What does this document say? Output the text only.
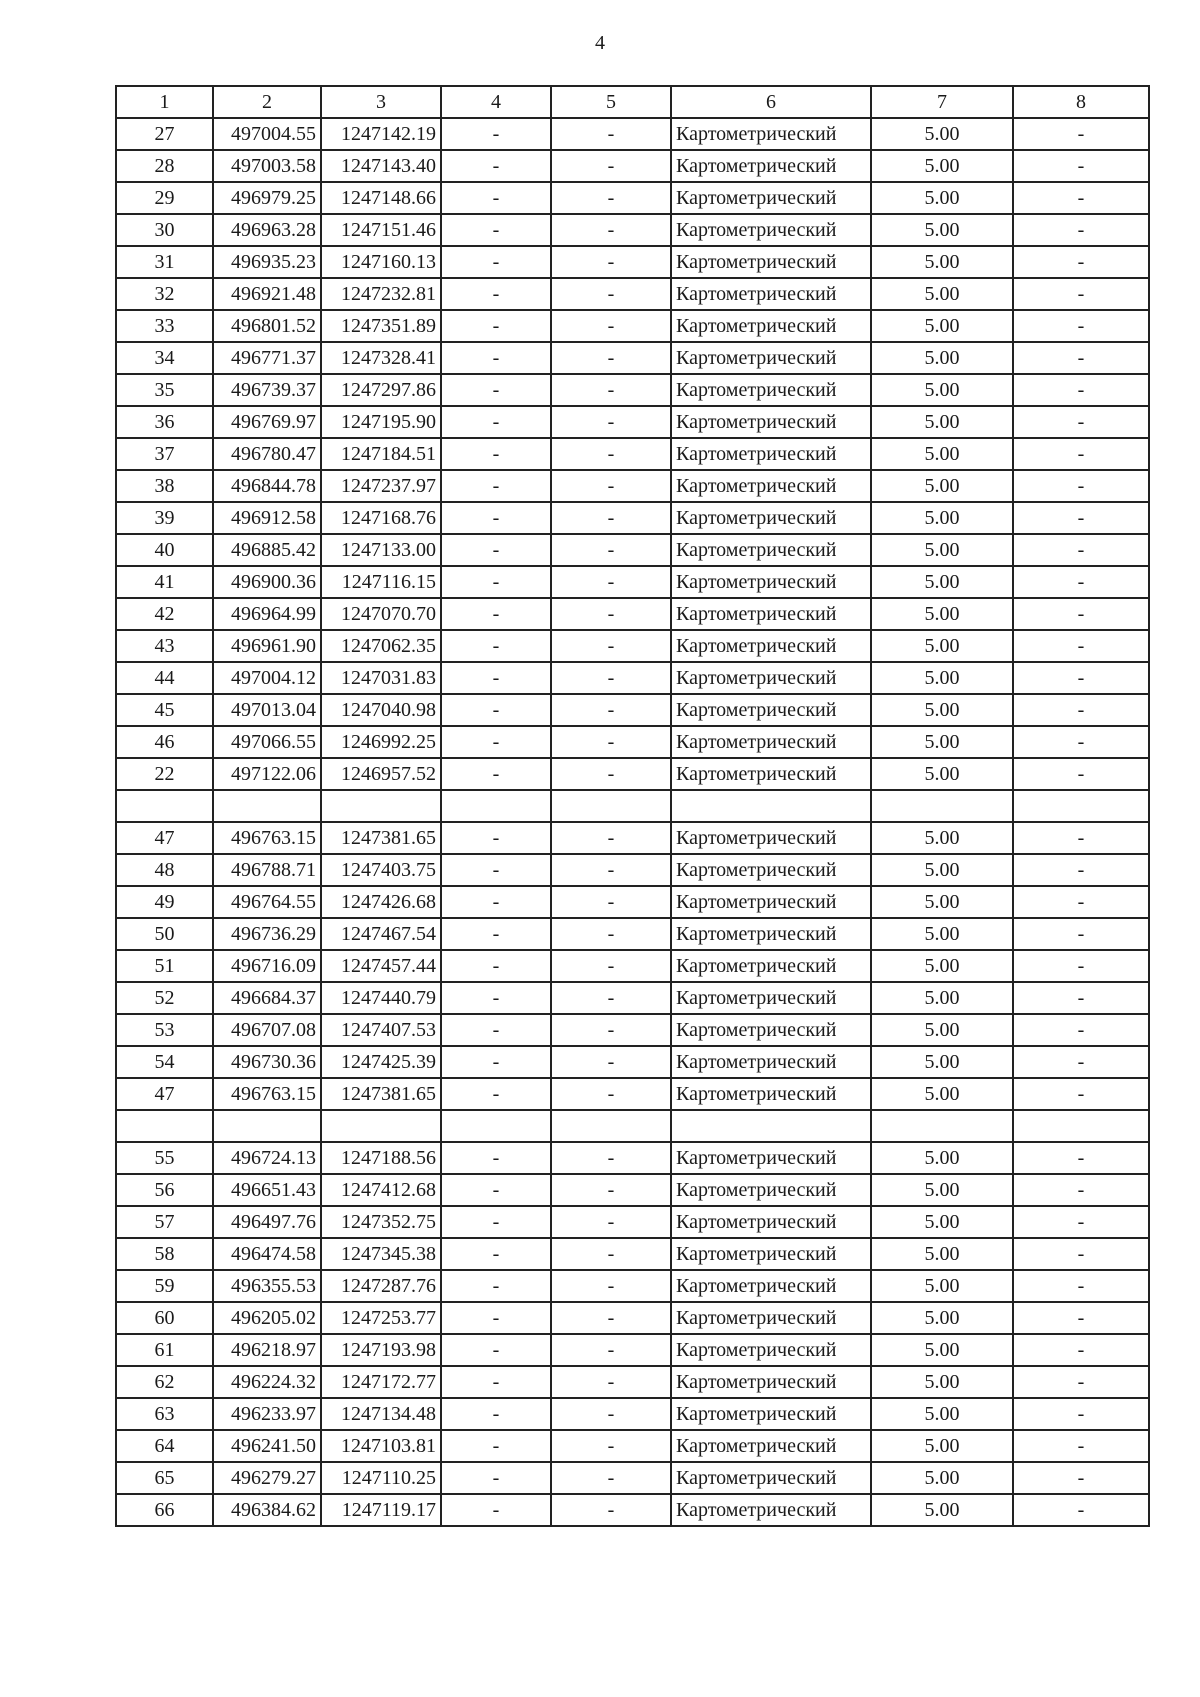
4
1	2	3	4	5	6	7	8
27	497004.55	1247142.19	-	-	Картометрический	5.00	-
28	497003.58	1247143.40	-	-	Картометрический	5.00	-
29	496979.25	1247148.66	-	-	Картометрический	5.00	-
30	496963.28	1247151.46	-	-	Картометрический	5.00	-
31	496935.23	1247160.13	-	-	Картометрический	5.00	-
32	496921.48	1247232.81	-	-	Картометрический	5.00	-
33	496801.52	1247351.89	-	-	Картометрический	5.00	-
34	496771.37	1247328.41	-	-	Картометрический	5.00	-
35	496739.37	1247297.86	-	-	Картометрический	5.00	-
36	496769.97	1247195.90	-	-	Картометрический	5.00	-
37	496780.47	1247184.51	-	-	Картометрический	5.00	-
38	496844.78	1247237.97	-	-	Картометрический	5.00	-
39	496912.58	1247168.76	-	-	Картометрический	5.00	-
40	496885.42	1247133.00	-	-	Картометрический	5.00	-
41	496900.36	1247116.15	-	-	Картометрический	5.00	-
42	496964.99	1247070.70	-	-	Картометрический	5.00	-
43	496961.90	1247062.35	-	-	Картометрический	5.00	-
44	497004.12	1247031.83	-	-	Картометрический	5.00	-
45	497013.04	1247040.98	-	-	Картометрический	5.00	-
46	497066.55	1246992.25	-	-	Картометрический	5.00	-
22	497122.06	1246957.52	-	-	Картометрический	5.00	-

47	496763.15	1247381.65	-	-	Картометрический	5.00	-
48	496788.71	1247403.75	-	-	Картометрический	5.00	-
49	496764.55	1247426.68	-	-	Картометрический	5.00	-
50	496736.29	1247467.54	-	-	Картометрический	5.00	-
51	496716.09	1247457.44	-	-	Картометрический	5.00	-
52	496684.37	1247440.79	-	-	Картометрический	5.00	-
53	496707.08	1247407.53	-	-	Картометрический	5.00	-
54	496730.36	1247425.39	-	-	Картометрический	5.00	-
47	496763.15	1247381.65	-	-	Картометрический	5.00	-

55	496724.13	1247188.56	-	-	Картометрический	5.00	-
56	496651.43	1247412.68	-	-	Картометрический	5.00	-
57	496497.76	1247352.75	-	-	Картометрический	5.00	-
58	496474.58	1247345.38	-	-	Картометрический	5.00	-
59	496355.53	1247287.76	-	-	Картометрический	5.00	-
60	496205.02	1247253.77	-	-	Картометрический	5.00	-
61	496218.97	1247193.98	-	-	Картометрический	5.00	-
62	496224.32	1247172.77	-	-	Картометрический	5.00	-
63	496233.97	1247134.48	-	-	Картометрический	5.00	-
64	496241.50	1247103.81	-	-	Картометрический	5.00	-
65	496279.27	1247110.25	-	-	Картометрический	5.00	-
66	496384.62	1247119.17	-	-	Картометрический	5.00	-
